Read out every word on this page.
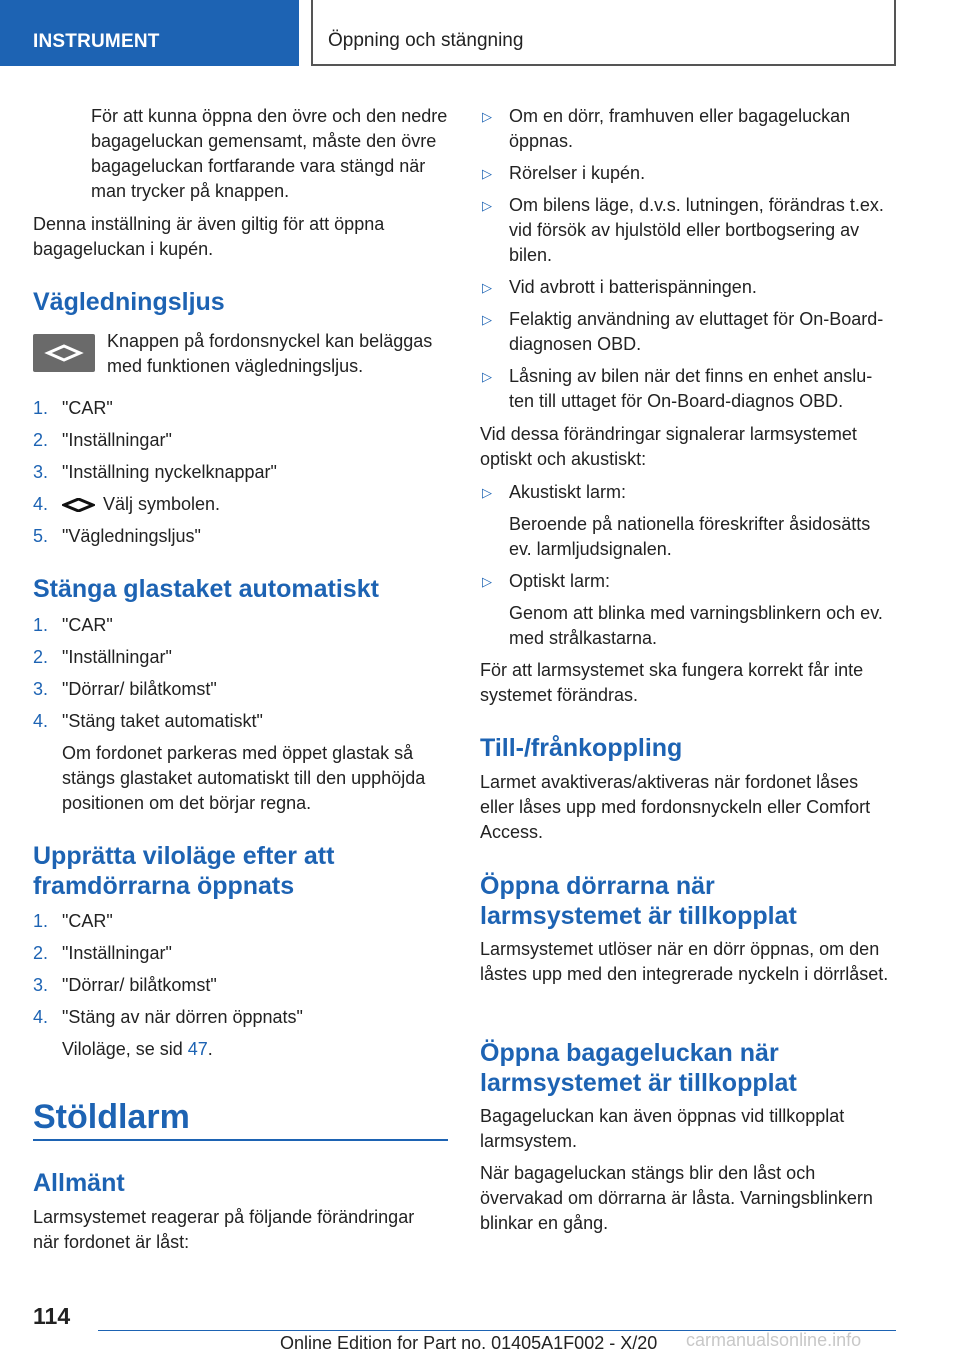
INSTRUMENT	Öppning och stängning

För att kunna öppna den övre och den nedre bagageluckan gemensamt, måste den övre bagageluckan fortfarande vara stängd när man trycker på knappen.

Denna inställning är även giltig för att öppna bagageluckan i kupén.

Vägledningsljus

Knappen på fordonsnyckel kan beläggas med funktionen vägledningsljus.

1. "CAR"
2. "Inställningar"
3. "Inställning nyckelknappar"
4.	Välj symbolen.
5. "Vägledningsljus"
Stänga glastaket automatiskt
1. "CAR"
2. "Inställningar"
3. "Dörrar/ bilåtkomst"
4. "Stäng taket automatiskt"

Om fordonet parkeras med öppet glastak så stängs glastaket automatiskt till den upphöjda positionen om det börjar regna.

Upprätta viloläge efter att
framdörrarna öppnats
1. "CAR"
2. "Inställningar"
3. "Dörrar/ bilåtkomst"
4. "Stäng av när dörren öppnats"

Viloläge, se sid 47.

Stöldlarm
Allmänt

Larmsystemet reagerar på följande förändringar när fordonet är låst:

▷ Om en dörr, framhuven eller bagageluckan öppnas.
▷ Rörelser i kupén.
▷ Om bilens läge, d.v.s. lutningen, förändras t.ex. vid försök av hjulstöld eller bortbogsering av bilen.
▷ Vid avbrott i batterispänningen.
▷ Felaktig användning av eluttaget för On-Board-diagnosen OBD.
▷ Låsning av bilen när det finns en enhet anslu-ten till uttaget för On-Board-diagnos OBD.

Vid dessa förändringar signalerar larmsystemet optiskt och akustiskt:

▷ Akustiskt larm:

Beroende på nationella föreskrifter åsidosätts ev. larmljudsignalen.

▷ Optiskt larm:

Genom att blinka med varningsblinkern och ev. med strålkastarna.

För att larmsystemet ska fungera korrekt får inte systemet förändras.

Till-/frånkoppling

Larmet avaktiveras/aktiveras när fordonet låses eller låses upp med fordonsnyckeln eller Comfort Access.

Öppna dörrarna när
larmsystemet är tillkopplat

Larmsystemet utlöser när en dörr öppnas, om den låstes upp med den integrerade nyckeln i dörrlåset.

Öppna bagageluckan när
larmsystemet är tillkopplat

Bagageluckan kan även öppnas vid tillkopplat larmsystem.

När bagageluckan stängs blir den låst och övervakad om dörrarna är låsta. Varningsblinkern blinkar en gång.

114
Online Edition for Part no. 01405A1F002 - X/20 carmanualsonline.info
